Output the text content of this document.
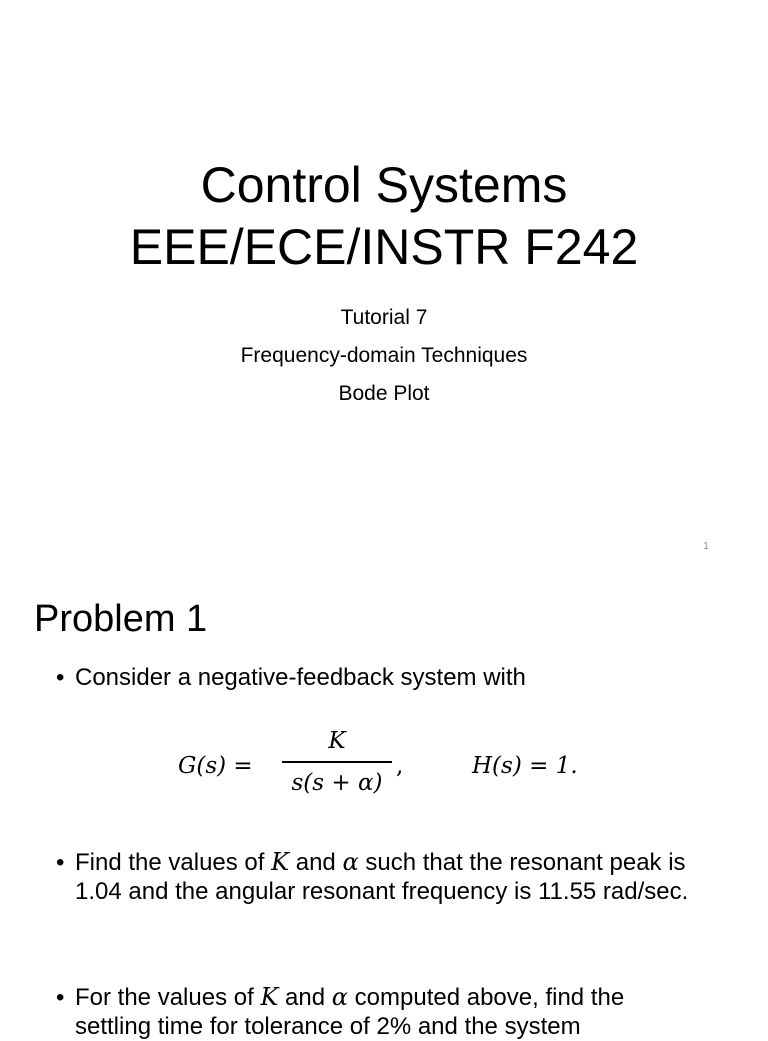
Control Systems
EEE/ECE/INSTR F242
Tutorial 7
Frequency-domain Techniques
Bode Plot
1
Problem 1
• Consider a negative-feedback system with
G(s) =
K
s(s + α)
,	H(s) = 1.
• Find the values of K and α such that the resonant peak is 1.04 and the angular resonant frequency is 11.55 rad/sec.
• For the values of K and α computed above, find the settling time for tolerance of 2% and the system
